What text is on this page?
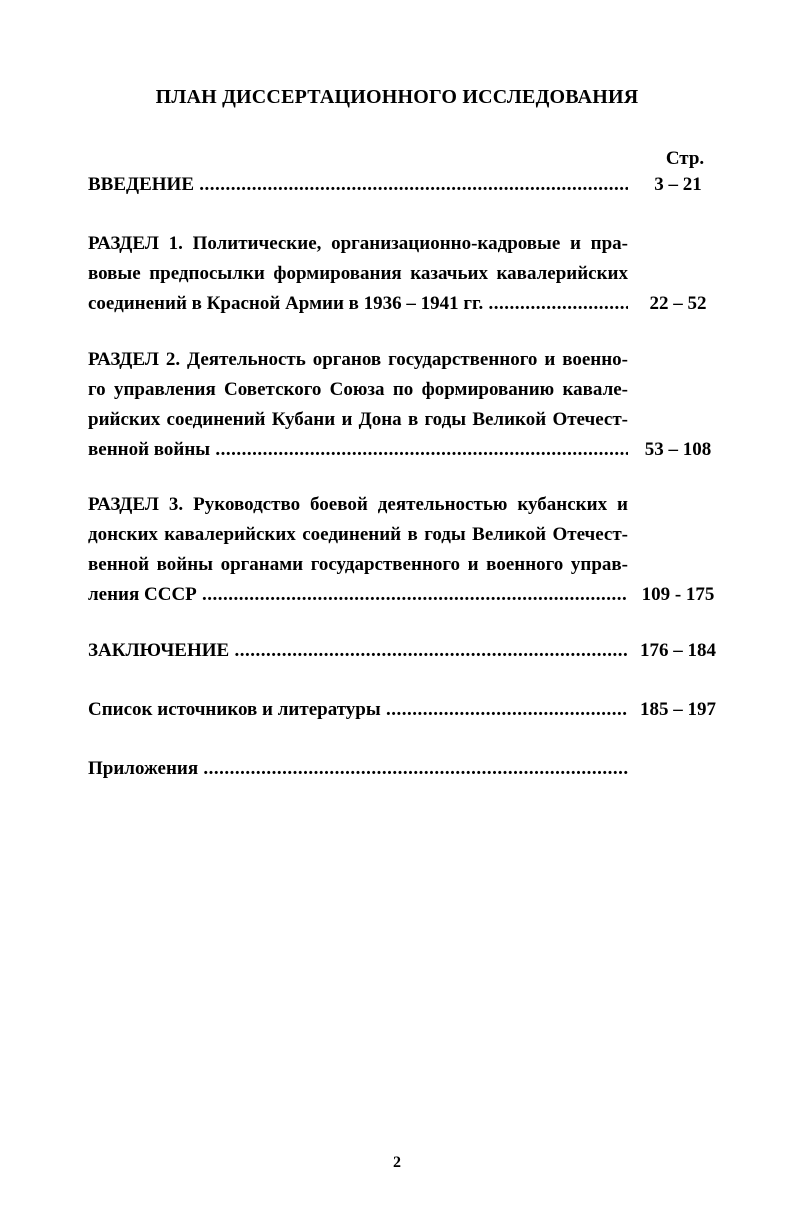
ПЛАН ДИССЕРТАЦИОННОГО ИССЛЕДОВАНИЯ
Стр.
ВВЕДЕНИЕ .....	3 – 21
РАЗДЕЛ 1. Политические, организационно-кадровые и пра-
вовые предпосылки формирования казачьих кавалерийских
соединений в Красной Армии в 1936 – 1941 гг. .....	22 – 52
РАЗДЕЛ 2. Деятельность органов государственного и военно-
го управления Советского Союза по формированию кавале-
рийских соединений Кубани и Дона в годы Великой Отечест-
венной войны .....	53 – 108
РАЗДЕЛ 3. Руководство боевой деятельностью кубанских и
донских кавалерийских соединений в годы Великой Отечест-
венной войны органами государственного и военного управ-
ления СССР .....	109 - 175
ЗАКЛЮЧЕНИЕ .....	176 – 184
Список источников и литературы .....	185 – 197
Приложения .....
2
